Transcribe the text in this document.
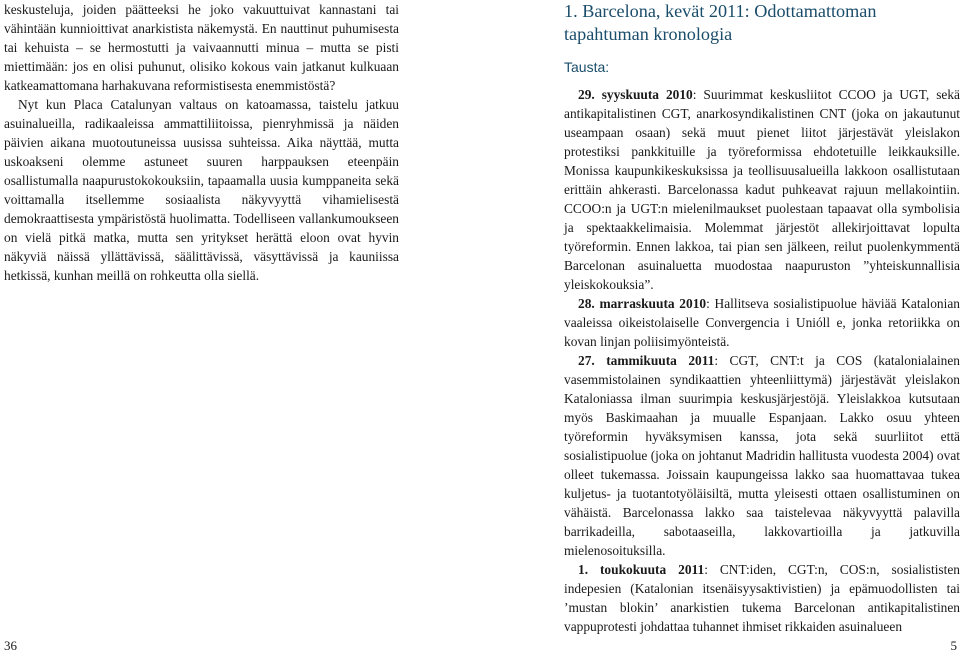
keskusteluja, joiden päätteeksi he joko vakuuttuivat kannastani tai vähintään kunnioittivat anarkistista näkemystä. En nauttinut puhumisesta tai kehuista – se hermostutti ja vaivaannutti minua – mutta se pisti miettimään: jos en olisi puhunut, olisiko kokous vain jatkanut kulkuaan katkeamattomana harhakuvana reformistisesta enemmistöstä?

Nyt kun Placa Catalunyan valtaus on katoamassa, taistelu jatkuu asuinalueilla, radikaaleissa ammattiliitoissa, pienryhmissä ja näiden päivien aikana muotoutuneissa uusissa suhteissa. Aika näyttää, mutta uskoakseni olemme astuneet suuren harppauksen eteenpäin osallistumalla naapurustokokouksiin, tapaamalla uusia kumppaneita sekä voittamalla itsellemme sosiaalista näkyvyyttä vihamielisestä demokraattisesta ympäristöstä huolimatta. Todelliseen vallankumoukseen on vielä pitkä matka, mutta sen yritykset herättä eloon ovat hyvin näkyviä näissä yllättävissä, säälittävissä, väsyttävissä ja kauniissa hetkissä, kunhan meillä on rohkeutta olla siellä.

36
1. Barcelona, kevät 2011: Odottamattoman tapahtuman kronologia
Tausta:

29. syyskuuta 2010: Suurimmat keskusliitot CCOO ja UGT, sekä antikapitalistinen CGT, anarkosyndikalistinen CNT (joka on jakautunut useampaan osaan) sekä muut pienet liitot järjestävät yleislakon protestiksi pankkituille ja työreformissa ehdotetuille leikkauksille. Monissa kaupunkikeskuksissa ja teollisuusalueilla lakkoon osallistutaan erittäin ahkerasti. Barcelonassa kadut puhkeavat rajuun mellakointiin. CCOO:n ja UGT:n mielenilmaukset puolestaan tapaavat olla symbolisia ja spektaakkelimaisia. Molemmat järjestöt allekirjoittavat lopulta työreformin. Ennen lakkoa, tai pian sen jälkeen, reilut puolenkymmentä Barcelonan asuinaluetta muodostaa naapuruston ”yhteiskunnallisia yleiskokouksia”.

28. marraskuuta 2010: Hallitseva sosialistipuolue häviää Katalonian vaaleissa oikeistolaiselle Convergencia i Unióll e, jonka retoriikka on kovan linjan poliisimyönteistä.

27. tammikuuta 2011: CGT, CNT:t ja COS (katalonialainen vasemmistolainen syndikaattien yhteenliittymä) järjestävät yleislakon Kataloniassa ilman suurimpia keskusjärjestöjä. Yleislakkoa kutsutaan myös Baskimaahan ja muualle Espanjaan. Lakko osuu yhteen työreformin hyväksymisen kanssa, jota sekä suurliitot että sosialistipuolue (joka on johtanut Madridin hallitusta vuodesta 2004) ovat olleet tukemassa. Joissain kaupungeissa lakko saa huomattavaa tukea kuljetus- ja tuotantotyöläisiltä, mutta yleisesti ottaen osallistuminen on vähäistä. Barcelonassa lakko saa taistelevaa näkyvyyttä palavilla barrikadeilla, sabotaaseilla, lakkovartioilla ja jatkuvilla mielenosoituksilla.

1. toukokuuta 2011: CNT:iden, CGT:n, COS:n, sosialististen indepesien (Katalonian itsenäisyysaktivistien) ja epämuodollisten tai ’mustan blokin’ anarkistien tukema Barcelonan antikapitalistinen vappuprotesti johdattaa tuhannet ihmiset rikkaiden asuinalueen

5
